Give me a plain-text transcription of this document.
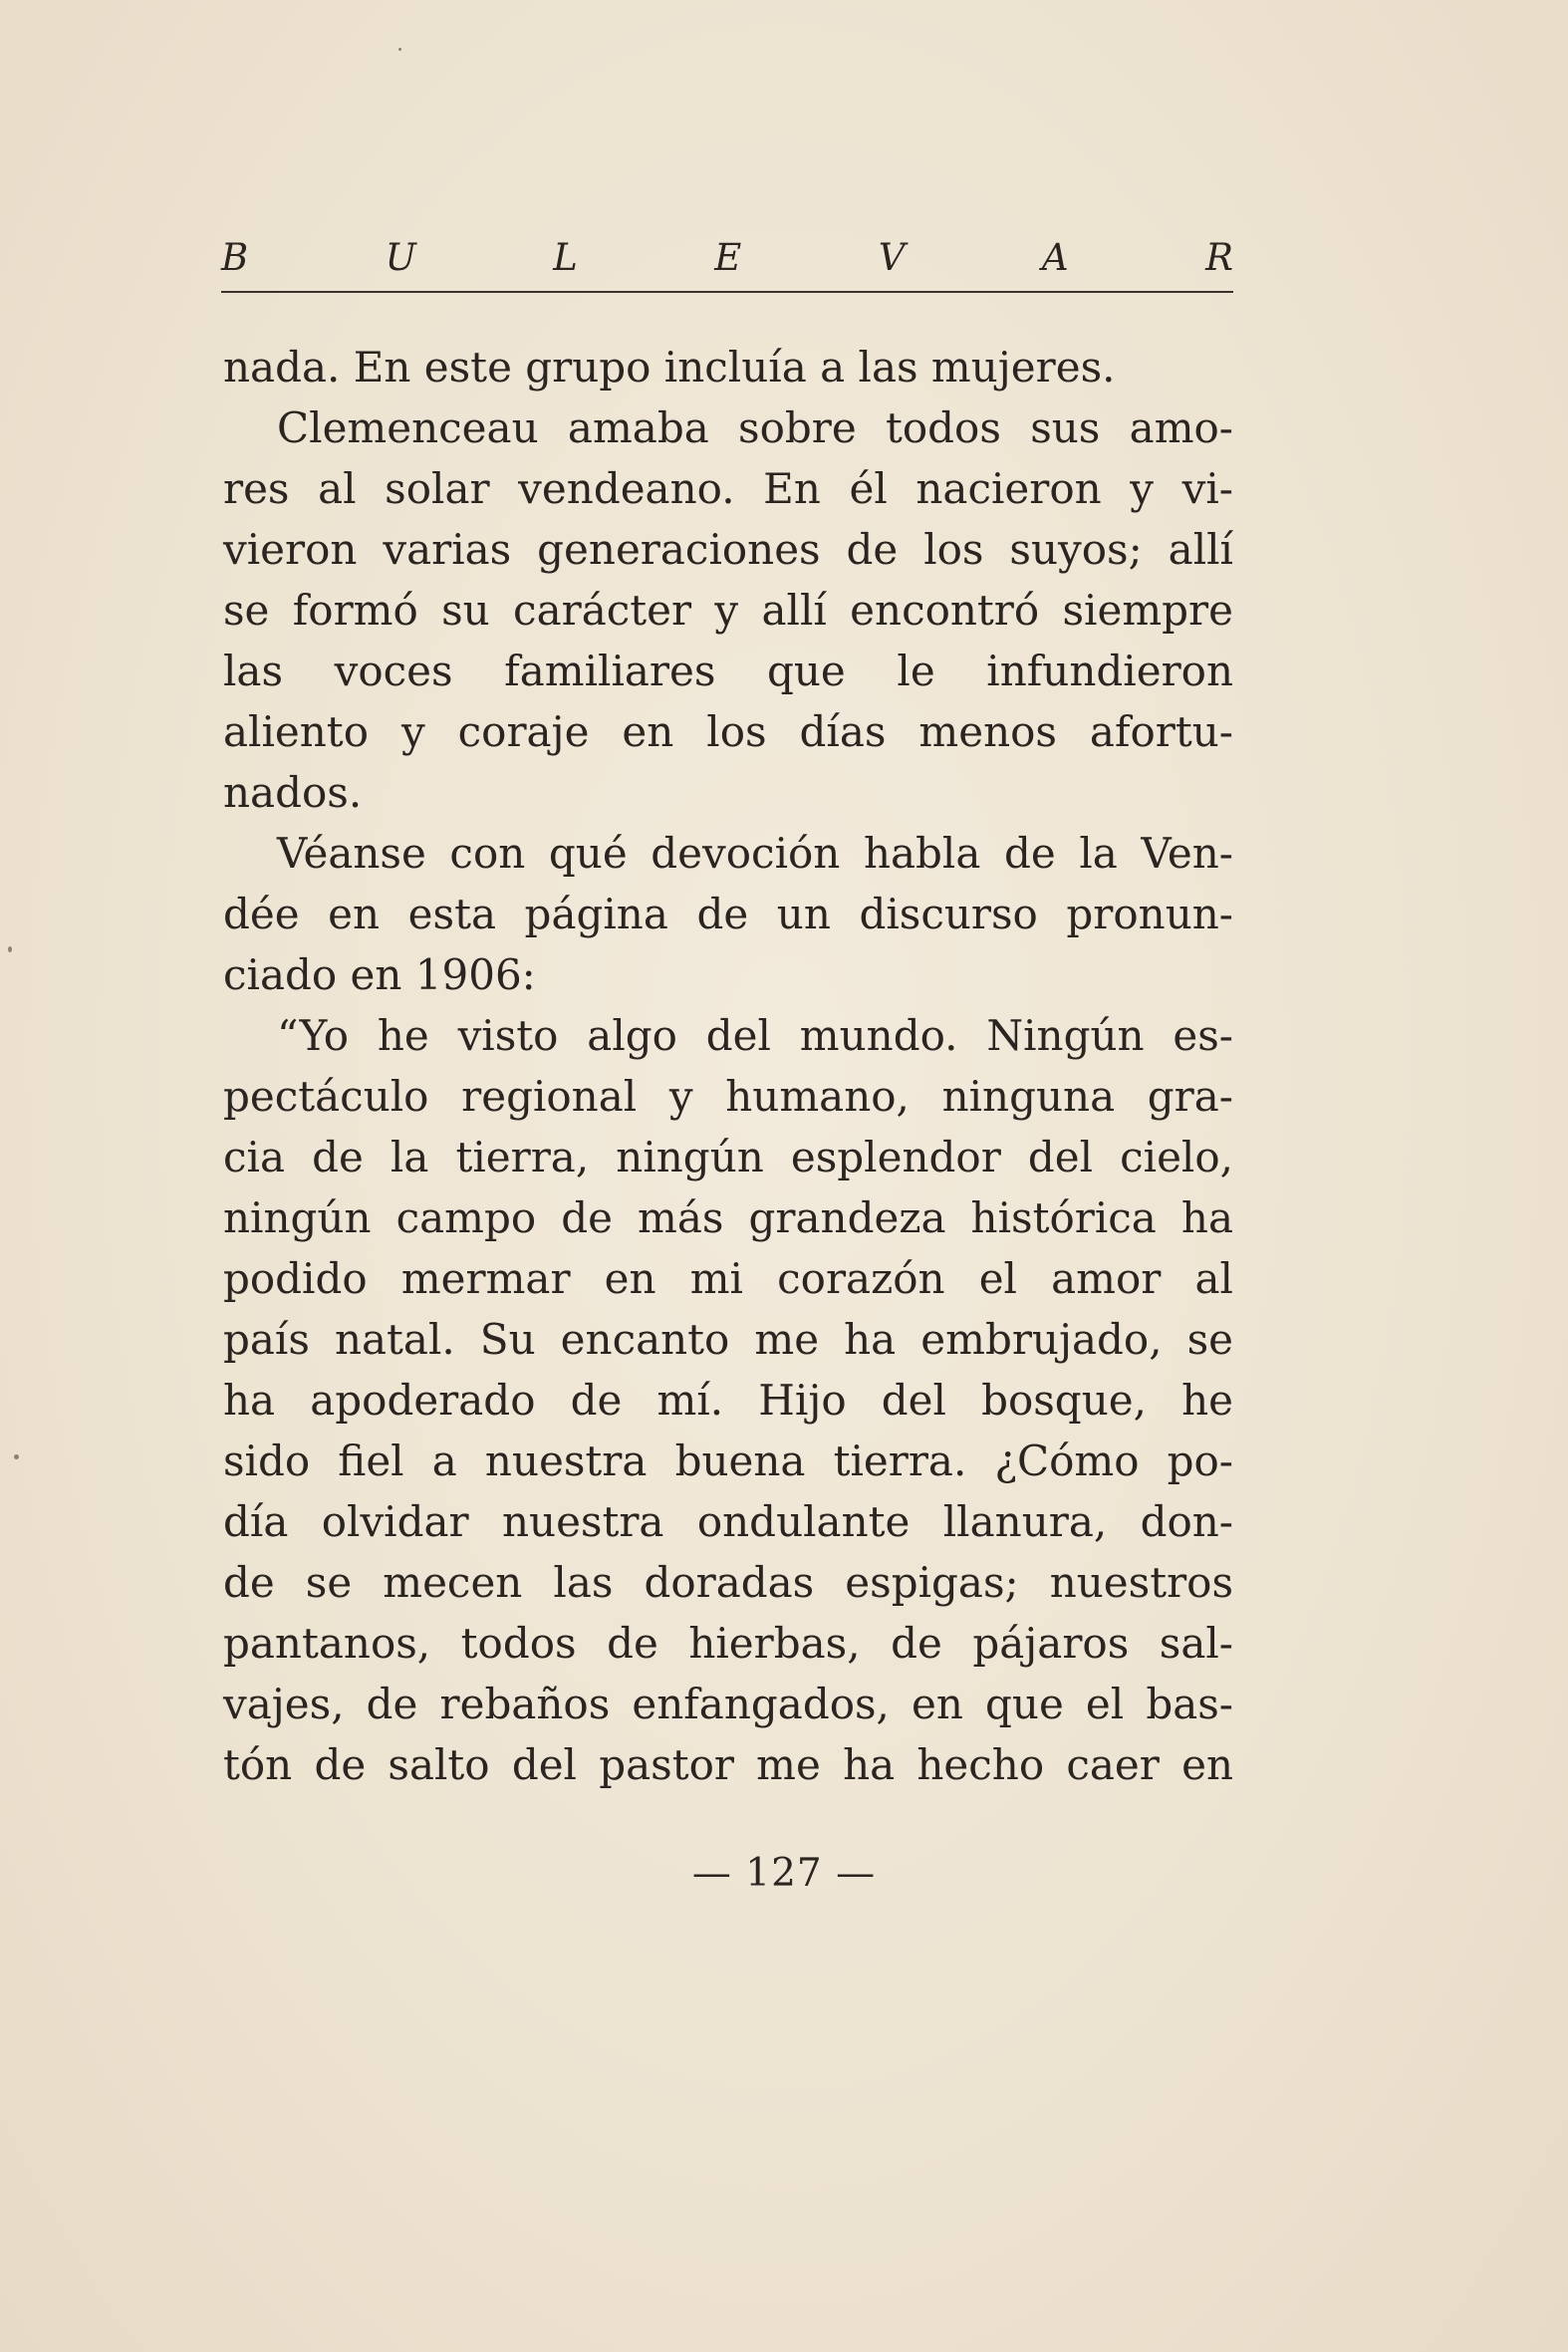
B	U	L	E	V	A	R
nada. En este grupo incluía a las mujeres.
Clemenceau amaba sobre todos sus amo-
res al solar vendeano. En él nacieron y vi-
vieron varias generaciones de los suyos; allí
se formó su carácter y allí encontró siempre
las voces familiares que le infundieron
aliento y coraje en los días menos afortu-
nados.
Véanse con qué devoción habla de la Ven-
dée en esta página de un discurso pronun-
ciado en 1906:
“Yo he visto algo del mundo. Ningún es-
pectáculo regional y humano, ninguna gra-
cia de la tierra, ningún esplendor del cielo,
ningún campo de más grandeza histórica ha
podido mermar en mi corazón el amor al
país natal. Su encanto me ha embrujado, se
ha apoderado de mí. Hijo del bosque, he
sido fiel a nuestra buena tierra. ¿Cómo po-
día olvidar nuestra ondulante llanura, don-
de se mecen las doradas espigas; nuestros
pantanos, todos de hierbas, de pájaros sal-
vajes, de rebaños enfangados, en que el bas-
tón de salto del pastor me ha hecho caer en
— 127 —
